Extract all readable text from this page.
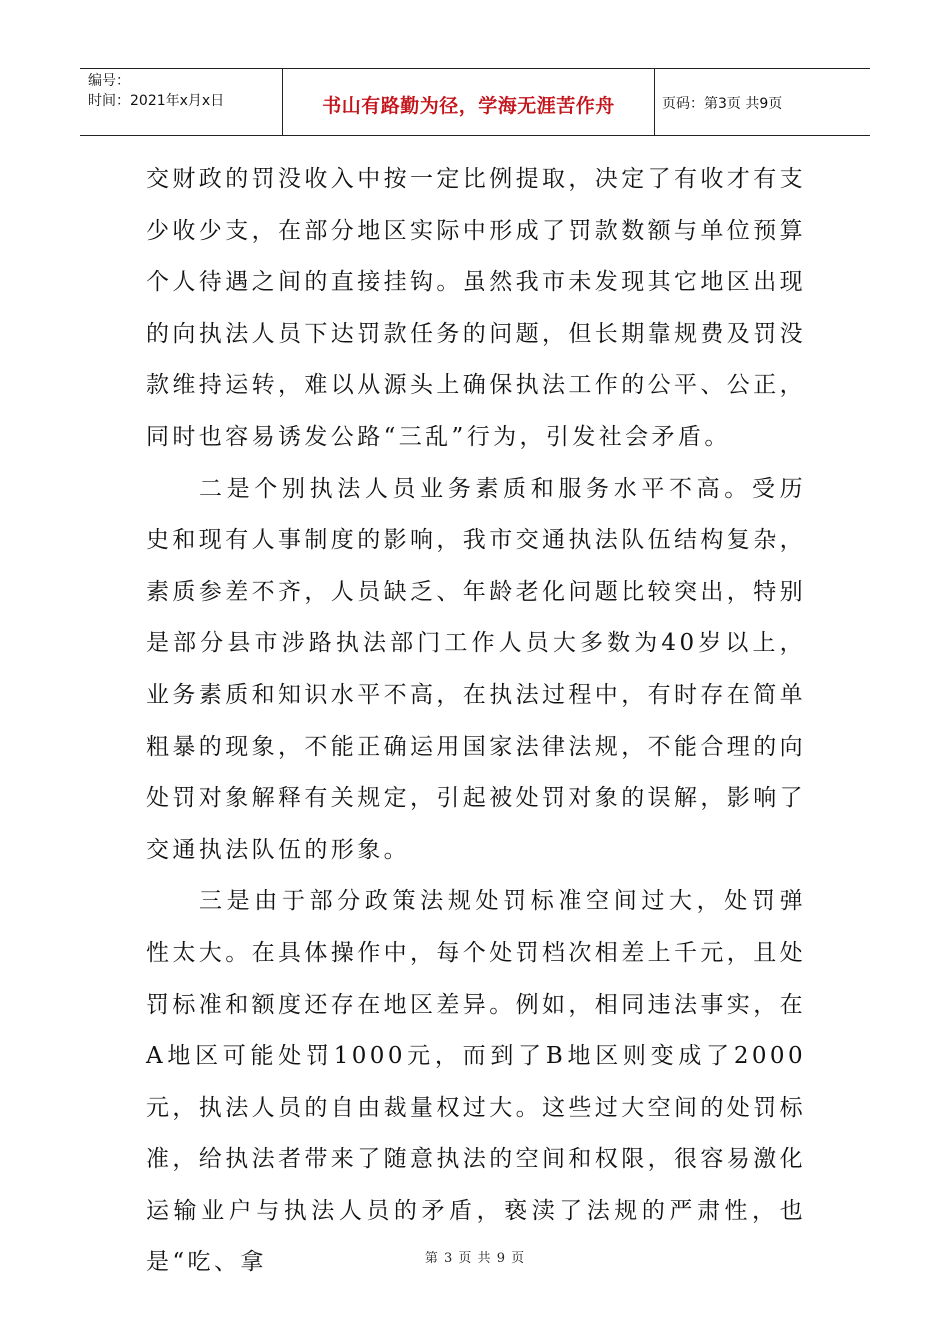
编号：
时间：2021年x月x日	书山有路勤为径，学海无涯苦作舟	页码：第3页 共9页

交财政的罚没收入中按一定比例提取，决定了有收才有支少收少支，在部分地区实际中形成了罚款数额与单位预算个人待遇之间的直接挂钩。虽然我市未发现其它地区出现的向执法人员下达罚款任务的问题，但长期靠规费及罚没款维持运转，难以从源头上确保执法工作的公平、公正，同时也容易诱发公路“三乱”行为，引发社会矛盾。

二是个别执法人员业务素质和服务水平不高。受历史和现有人事制度的影响，我市交通执法队伍结构复杂，素质参差不齐，人员缺乏、年龄老化问题比较突出，特别是部分县市涉路执法部门工作人员大多数为40岁以上，业务素质和知识水平不高，在执法过程中，有时存在简单粗暴的现象，不能正确运用国家法律法规，不能合理的向处罚对象解释有关规定，引起被处罚对象的误解，影响了交通执法队伍的形象。

三是由于部分政策法规处罚标准空间过大，处罚弹性太大。在具体操作中，每个处罚档次相差上千元，且处罚标准和额度还存在地区差异。例如，相同违法事实，在A地区可能处罚1000元，而到了B地区则变成了2000元，执法人员的自由裁量权过大。这些过大空间的处罚标准，给执法者带来了随意执法的空间和权限，很容易激化运输业户与执法人员的矛盾，亵渎了法规的严肃性，也是“吃、拿	第 3 页 共 9 页
